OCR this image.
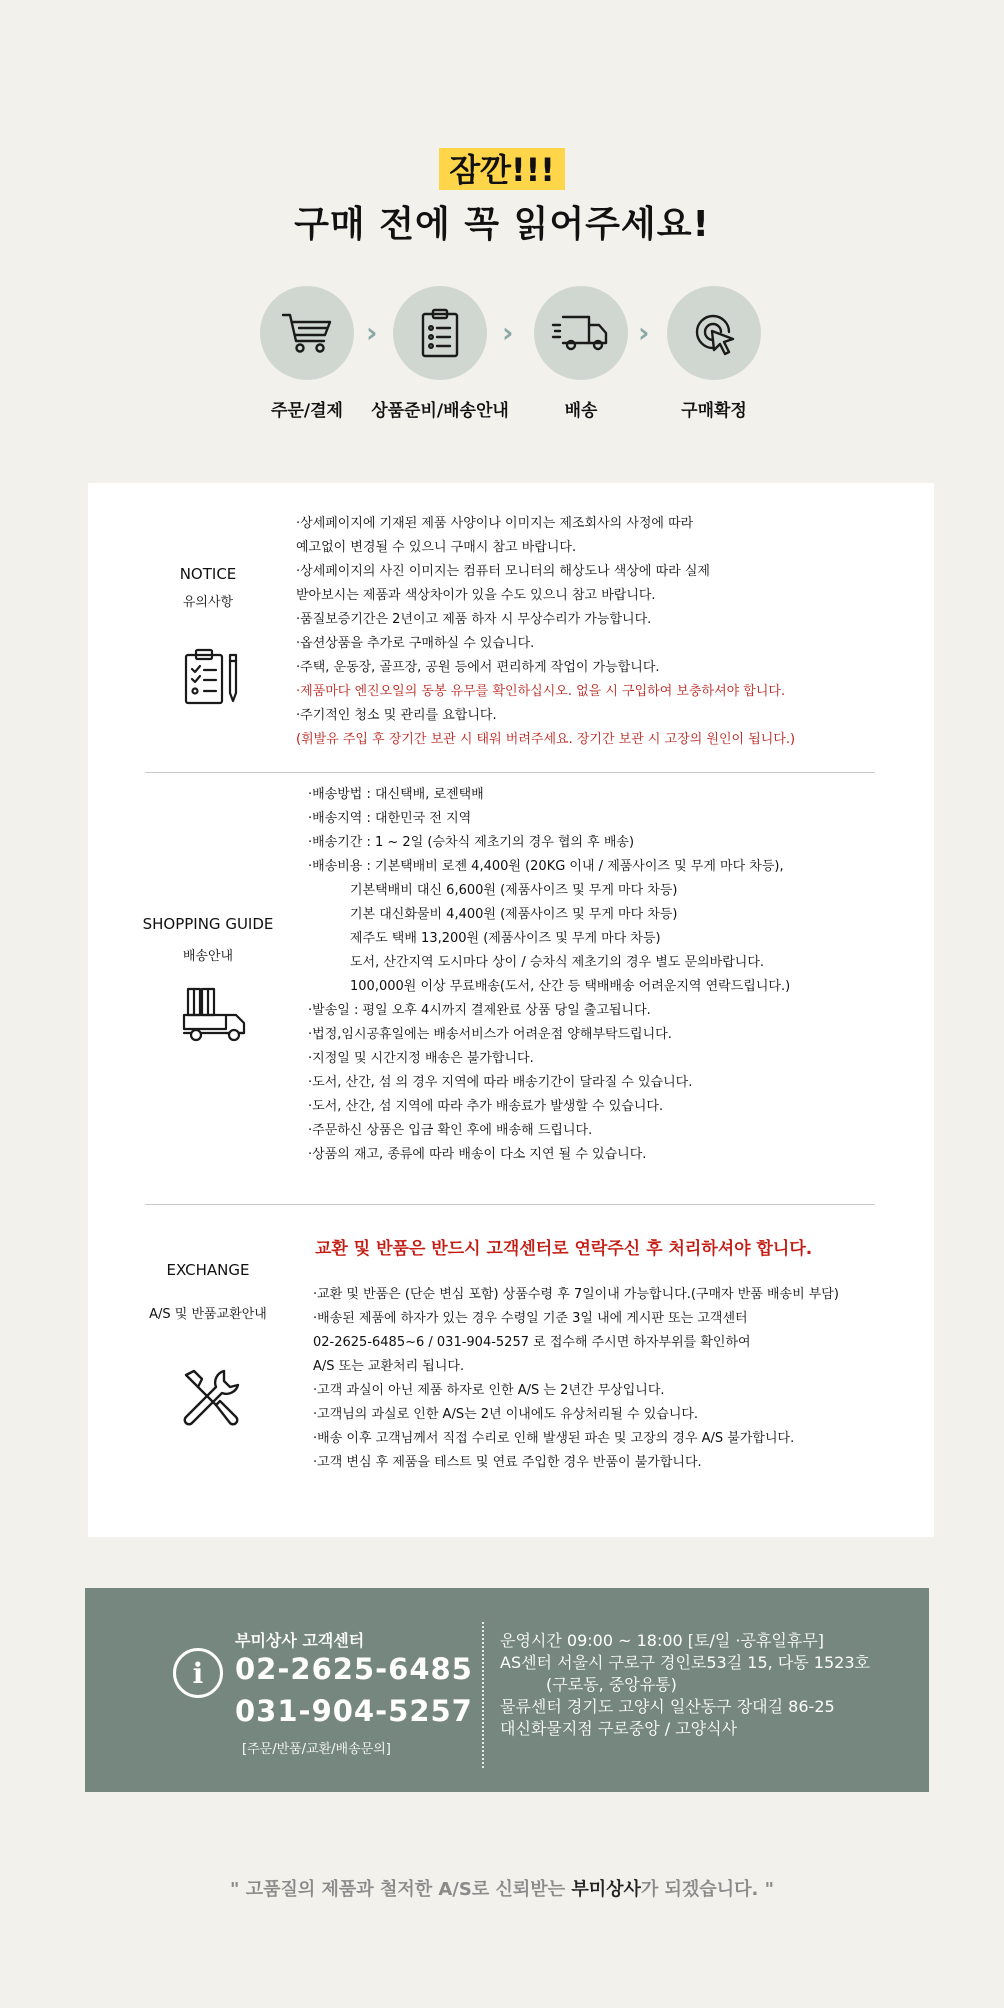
잠깐!!!
구매 전에 꼭 읽어주세요!
주문/결제
›
상품준비/배송안내
›
배송
›
구매확정
NOTICE
유의사항
·상세페이지에 기재된 제품 사양이나 이미지는 제조회사의 사정에 따라
예고없이 변경될 수 있으니 구매시 참고 바랍니다.
·상세페이지의 사진 이미지는 컴퓨터 모니터의 해상도나 색상에 따라 실제
받아보시는 제품과 색상차이가 있을 수도 있으니 참고 바랍니다.
·품질보증기간은 2년이고 제품 하자 시 무상수리가 가능합니다.
·옵션상품을 추가로 구매하실 수 있습니다.
·주택, 운동장, 골프장, 공원 등에서 편리하게 작업이 가능합니다.
·제품마다 엔진오일의 동봉 유무를 확인하십시오. 없을 시 구입하여 보충하셔야 합니다.
·주기적인 청소 및 관리를 요합니다.
(휘발유 주입 후 장기간 보관 시 태워 버려주세요. 장기간 보관 시 고장의 원인이 됩니다.)
SHOPPING GUIDE
배송안내
·배송방법 : 대신택배, 로젠택배
·배송지역 : 대한민국 전 지역
·배송기간 : 1 ~ 2일 (승차식 제초기의 경우 협의 후 배송)
·배송비용 : 기본택배비 로젠 4,400원 (20KG 이내 / 제품사이즈 및 무게 마다 차등),
기본택배비 대신 6,600원 (제품사이즈 및 무게 마다 차등)
기본 대신화물비 4,400원 (제품사이즈 및 무게 마다 차등)
제주도 택배 13,200원 (제품사이즈 및 무게 마다 차등)
도서, 산간지역 도시마다 상이 / 승차식 제초기의 경우 별도 문의바랍니다.
100,000원 이상 무료배송(도서, 산간 등 택배배송 어려운지역 연락드립니다.)
·발송일 : 평일 오후 4시까지 결제완료 상품 당일 출고됩니다.
·법정,임시공휴일에는 배송서비스가 어려운점 양해부탁드립니다.
·지정일 및 시간지정 배송은 불가합니다.
·도서, 산간, 섬 의 경우 지역에 따라 배송기간이 달라질 수 있습니다.
·도서, 산간, 섬 지역에 따라 추가 배송료가 발생할 수 있습니다.
·주문하신 상품은 입금 확인 후에 배송해 드립니다.
·상품의 재고, 종류에 따라 배송이 다소 지연 될 수 있습니다.
EXCHANGE
A/S 및 반품교환안내
교환 및 반품은 반드시 고객센터로 연락주신 후 처리하셔야 합니다.
·교환 및 반품은 (단순 변심 포함) 상품수령 후 7일이내 가능합니다.(구매자 반품 배송비 부담)
·배송된 제품에 하자가 있는 경우 수령일 기준 3일 내에 게시판 또는 고객센터
02-2625-6485~6 / 031-904-5257 로 접수해 주시면 하자부위를 확인하여
A/S 또는 교환처리 됩니다.
·고객 과실이 아닌 제품 하자로 인한 A/S 는 2년간 무상입니다.
·고객님의 과실로 인한 A/S는 2년 이내에도 유상처리될 수 있습니다.
·배송 이후 고객님께서 직접 수리로 인해 발생된 파손 및 고장의 경우 A/S 불가합니다.
·고객 변심 후 제품을 테스트 및 연료 주입한 경우 반품이 불가합니다.
i
부미상사 고객센터
02-2625-6485
031-904-5257
[주문/반품/교환/배송문의]
운영시간 09:00 ~ 18:00 [토/일 ·공휴일휴무]
AS센터 서울시 구로구 경인로53길 15, 다동 1523호
(구로동, 중앙유통)
물류센터 경기도 고양시 일산동구 장대길 86-25
대신화물지점 구로중앙 / 고양식사
" 고품질의 제품과 철저한 A/S로 신뢰받는 부미상사가 되겠습니다. "
